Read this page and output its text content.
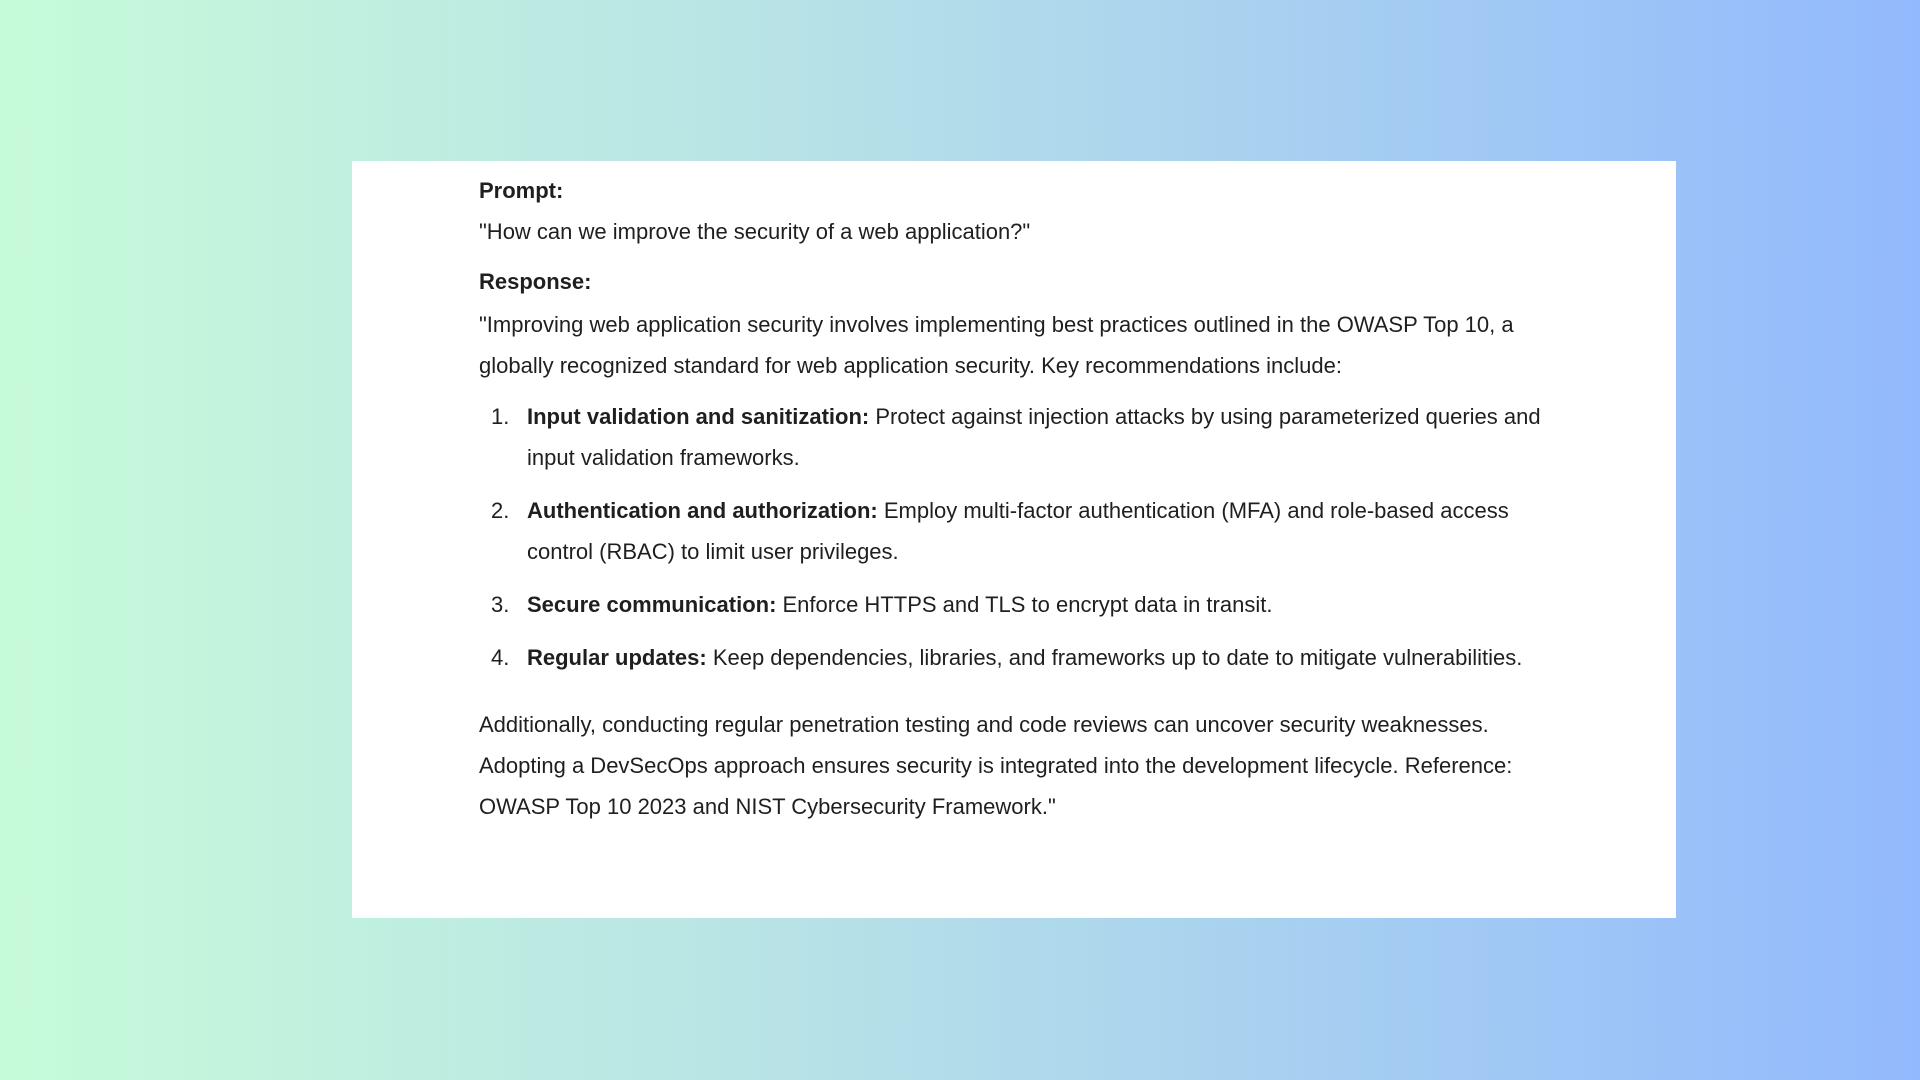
Prompt:

"How can we improve the security of a web application?"

Response:

"Improving web application security involves implementing best practices outlined in the OWASP Top 10, a globally recognized standard for web application security. Key recommendations include:

1. Input validation and sanitization: Protect against injection attacks by using parameterized queries and input validation frameworks.
2. Authentication and authorization: Employ multi-factor authentication (MFA) and role-based access control (RBAC) to limit user privileges.
3. Secure communication: Enforce HTTPS and TLS to encrypt data in transit.
4. Regular updates: Keep dependencies, libraries, and frameworks up to date to mitigate vulnerabilities.

Additionally, conducting regular penetration testing and code reviews can uncover security weaknesses. Adopting a DevSecOps approach ensures security is integrated into the development lifecycle. Reference: OWASP Top 10 2023 and NIST Cybersecurity Framework."
